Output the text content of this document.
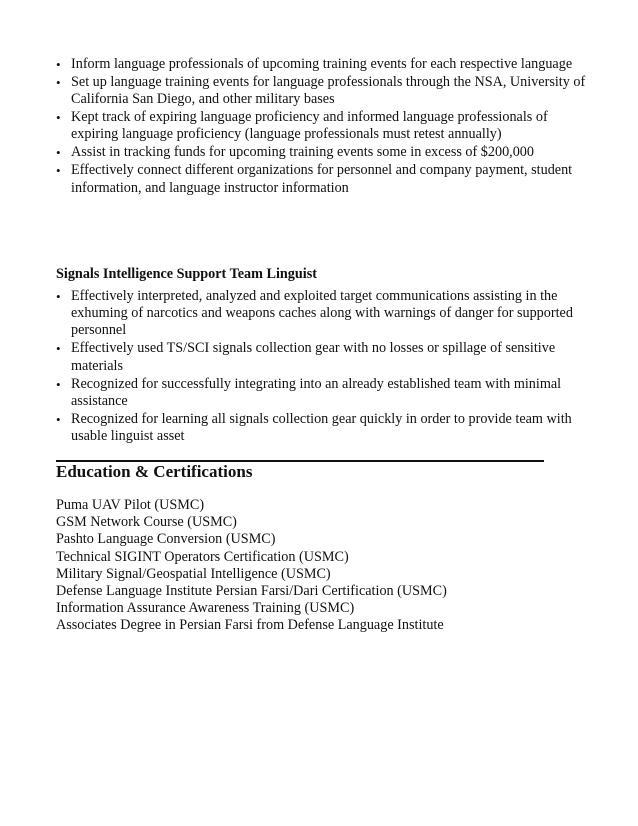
• Inform language professionals of upcoming training events for each respective language
• Set up language training events for language professionals through the NSA, University of California San Diego, and other military bases
• Kept track of expiring language proficiency and informed language professionals of expiring language proficiency (language professionals must retest annually)
• Assist in tracking funds for upcoming training events some in excess of $200,000
• Effectively connect different organizations for personnel and company payment, student information, and language instructor information
Signals Intelligence Support Team Linguist
• Effectively interpreted, analyzed and exploited target communications assisting in the exhuming of narcotics and weapons caches along with warnings of danger for supported personnel
• Effectively used TS/SCI signals collection gear with no losses or spillage of sensitive materials
• Recognized for successfully integrating into an already established team with minimal assistance
• Recognized for learning all signals collection gear quickly in order to provide team with usable linguist asset
Education & Certifications
Puma UAV Pilot (USMC)
GSM Network Course (USMC)
Pashto Language Conversion (USMC)
Technical SIGINT Operators Certification (USMC)
Military Signal/Geospatial Intelligence (USMC)
Defense Language Institute Persian Farsi/Dari Certification (USMC)
Information Assurance Awareness Training (USMC)
Associates Degree in Persian Farsi from Defense Language Institute
